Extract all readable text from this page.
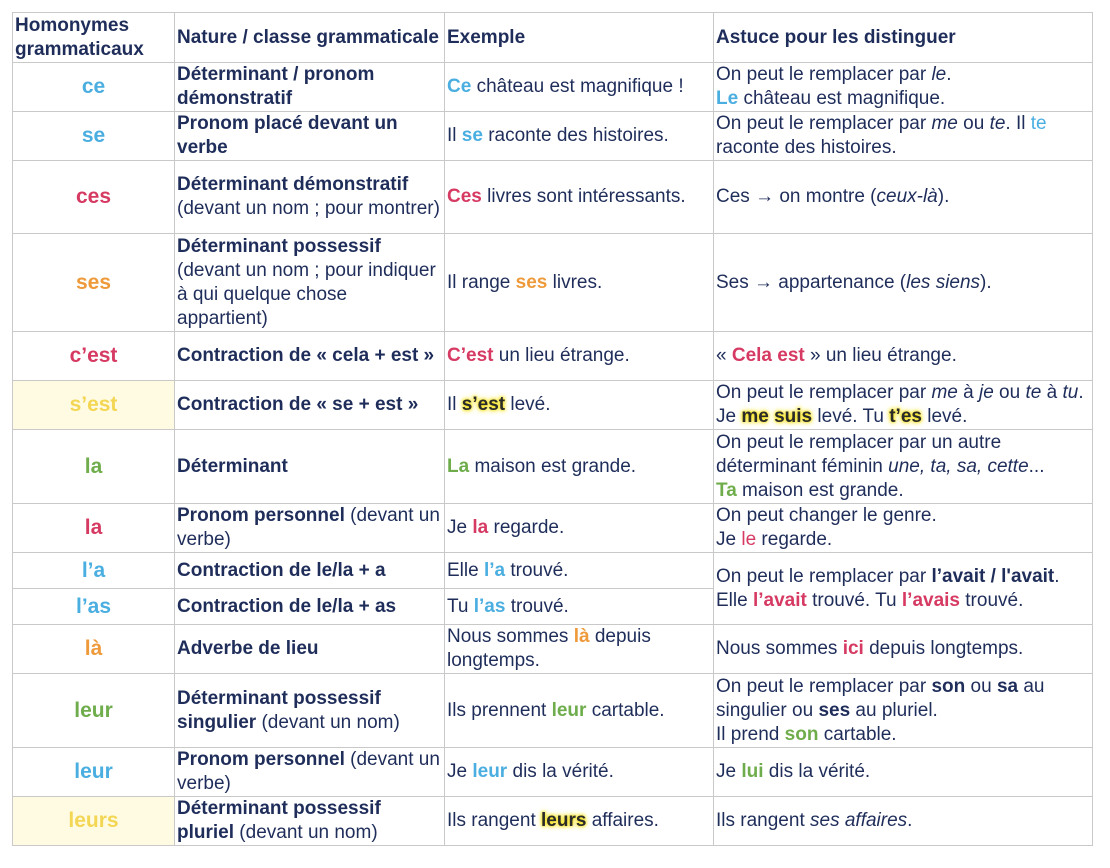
Homonymes grammaticaux	Nature / classe grammaticale	Exemple	Astuce pour les distinguer
ce	Déterminant / pronom démonstratif	Ce château est magnifique !	On peut le remplacer par le.
Le château est magnifique.
se	Pronom placé devant un verbe	Il se raconte des histoires.	On peut le remplacer par me ou te. Il te raconte des histoires.
ces	Déterminant démonstratif
(devant un nom ; pour montrer)	Ces livres sont intéressants.	Ces → on montre (ceux-là).
ses	Déterminant possessif
(devant un nom ; pour indiquer à qui quelque chose appartient)	Il range ses livres.	Ses → appartenance (les siens).
c’est	Contraction de « cela + est »	C’est un lieu étrange.	« Cela est » un lieu étrange.
s’est	Contraction de « se + est »	Il s’est levé.	On peut le remplacer par me à je ou te à tu. Je me suis levé. Tu t’es levé.
la	Déterminant	La maison est grande.	On peut le remplacer par un autre déterminant féminin une, ta, sa, cette...
Ta maison est grande.
la	Pronom personnel (devant un verbe)	Je la regarde.	On peut changer le genre.
Je le regarde.
l’a	Contraction de le/la + a	Elle l’a trouvé.	On peut le remplacer par l’avait / l'avait.
Elle l’avait trouvé. Tu l’avais trouvé.
l’as	Contraction de le/la + as	Tu l’as trouvé.	
là	Adverbe de lieu	Nous sommes là depuis longtemps.	Nous sommes ici depuis longtemps.
leur	Déterminant possessif singulier (devant un nom)	Ils prennent leur cartable.	On peut le remplacer par son ou sa au singulier ou ses au pluriel.
Il prend son cartable.
leur	Pronom personnel (devant un verbe)	Je leur dis la vérité.	Je lui dis la vérité.
leurs	Déterminant possessif pluriel (devant un nom)	Ils rangent leurs affaires.	Ils rangent ses affaires.
